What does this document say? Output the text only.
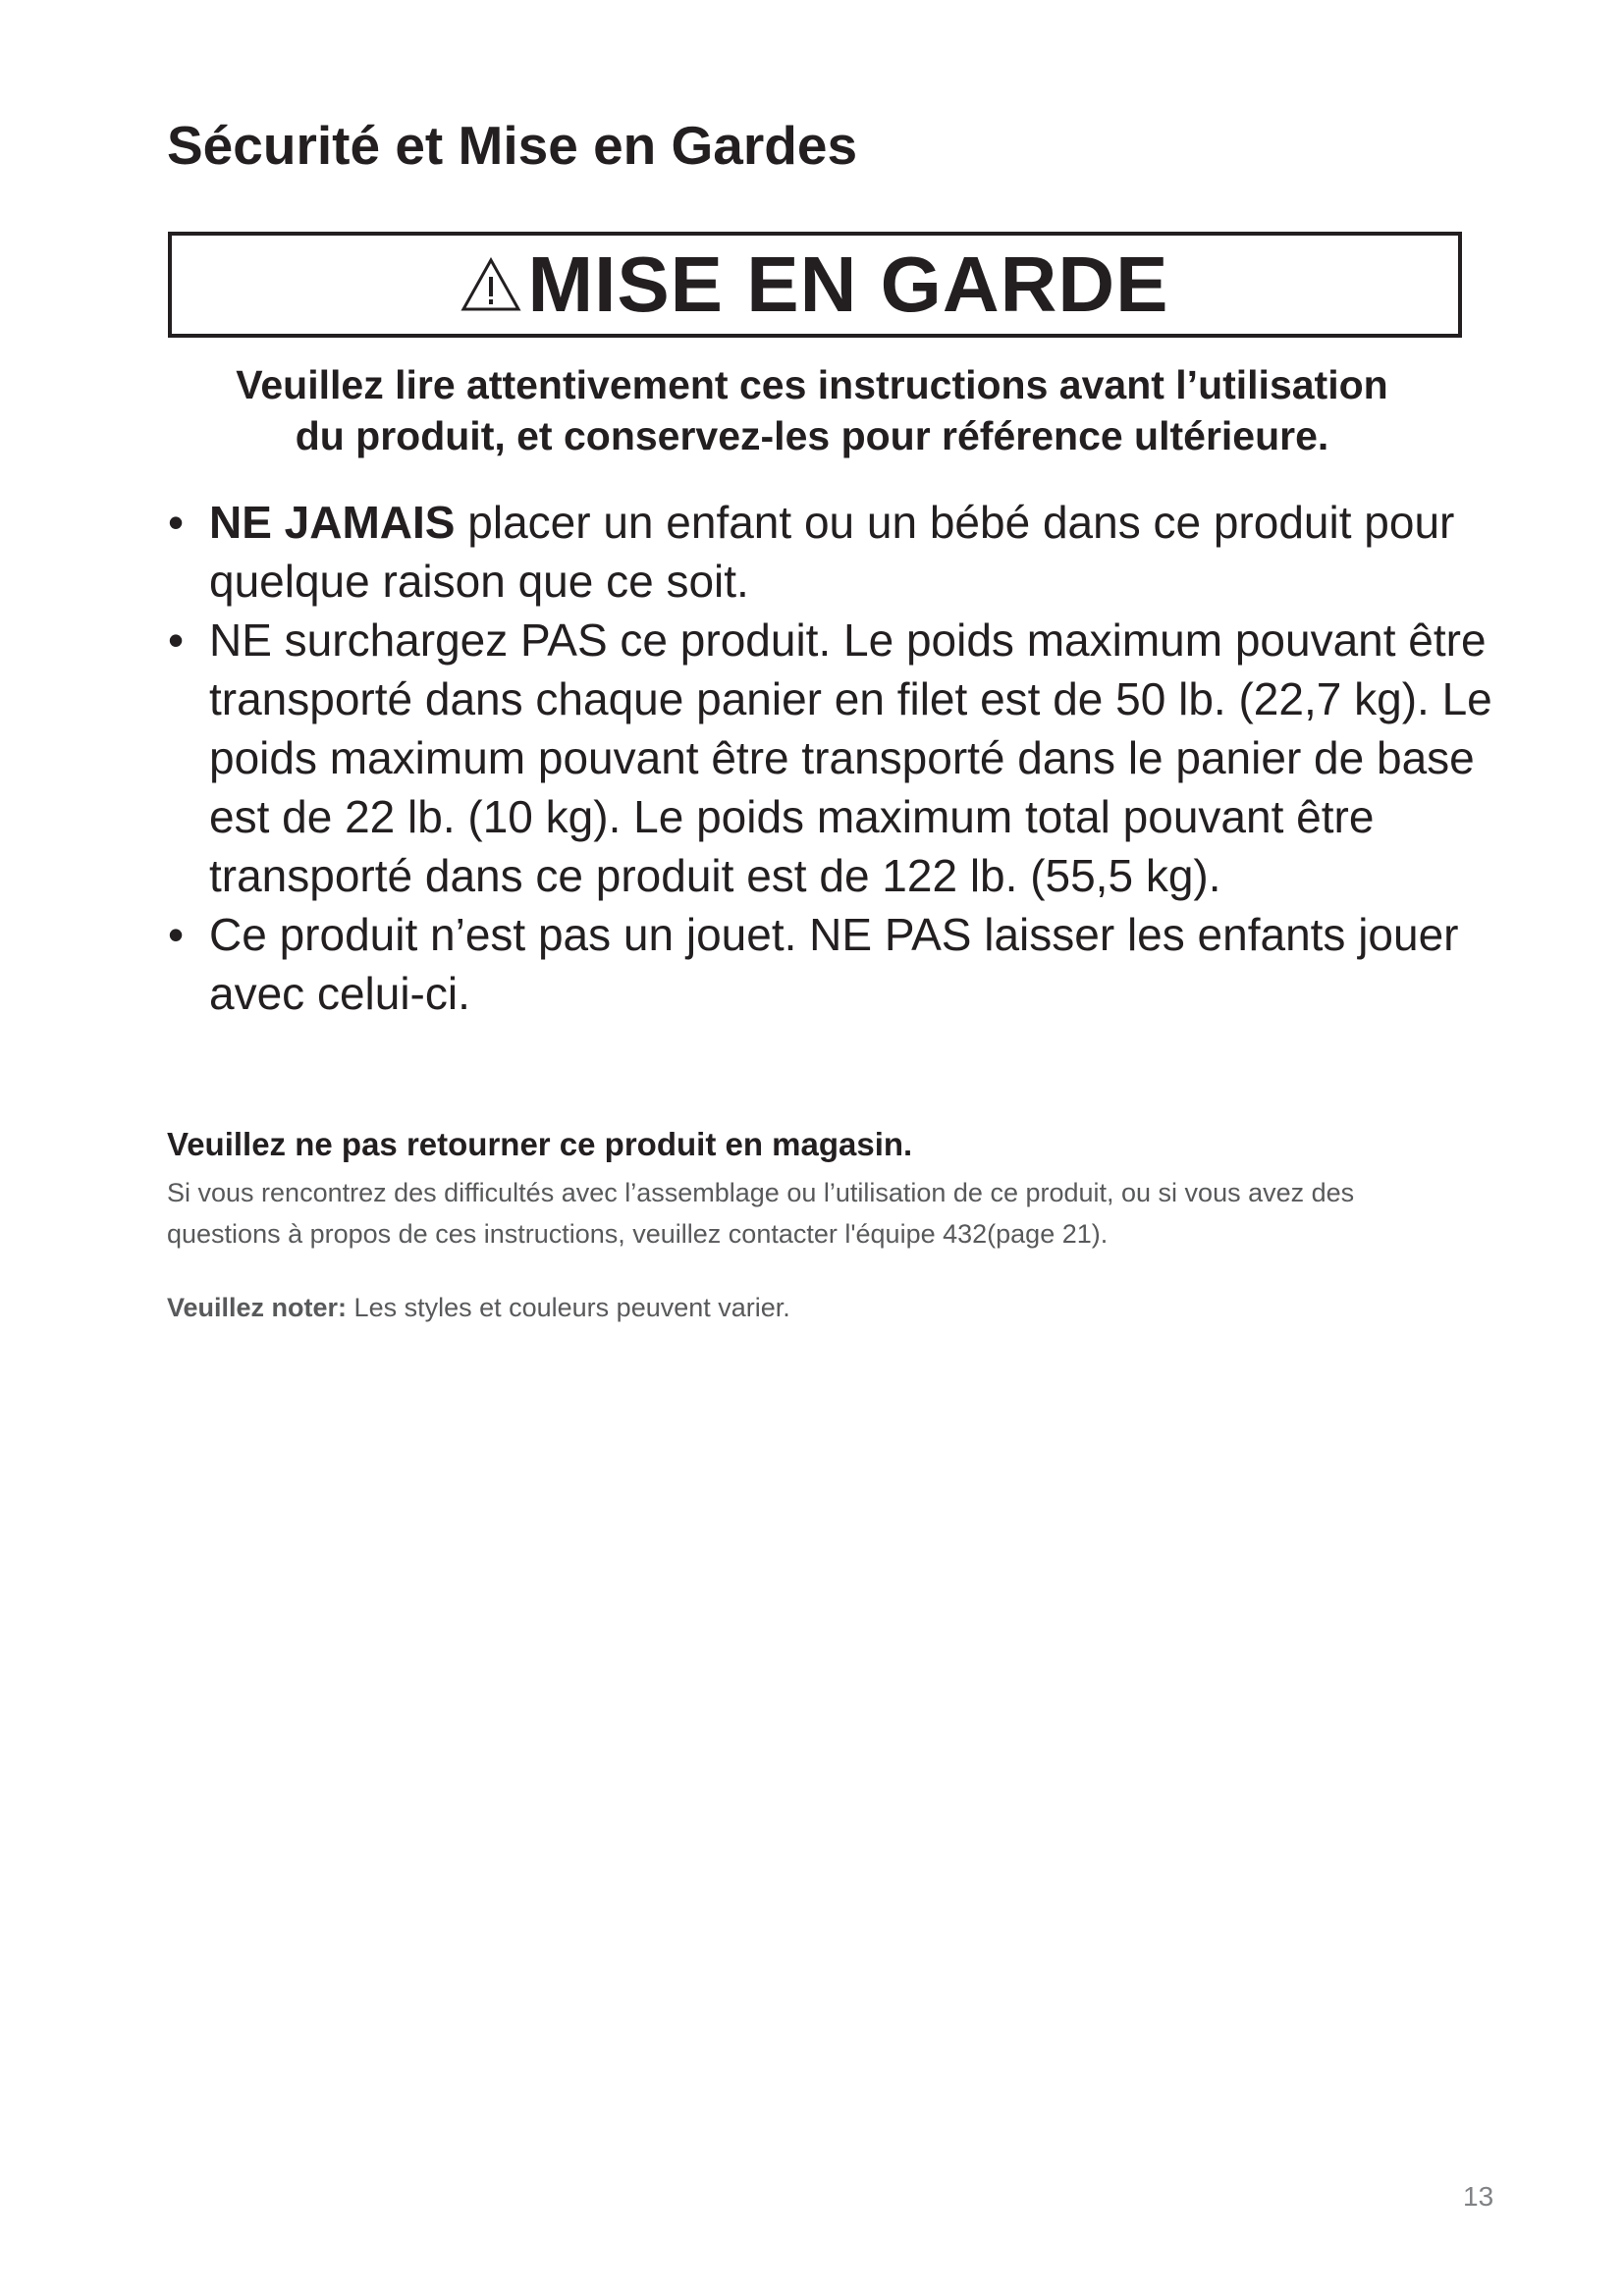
Sécurité et Mise en Gardes
MISE EN GARDE

Veuillez lire attentivement ces instructions avant l’utilisation
du produit, et conservez-les pour référence ultérieure.

• NE JAMAIS placer un enfant ou un bébé dans ce produit pour quelque raison que ce soit.
• NE surchargez PAS ce produit. Le poids maximum pouvant être transporté dans chaque panier en filet est de 50 lb. (22,7 kg). Le poids maximum pouvant être transporté dans le panier de base est de 22 lb. (10 kg). Le poids maximum total pouvant être transporté dans ce produit est de 122 lb. (55,5 kg).
• Ce produit n’est pas un jouet. NE PAS laisser les enfants jouer avec celui-ci.
Veuillez ne pas retourner ce produit en magasin.

Si vous rencontrez des difficultés avec l’assemblage ou l’utilisation de ce produit, ou si vous avez des questions à propos de ces instructions, veuillez contacter l'équipe 432(page 21).

Veuillez noter: Les styles et couleurs peuvent varier.

13
